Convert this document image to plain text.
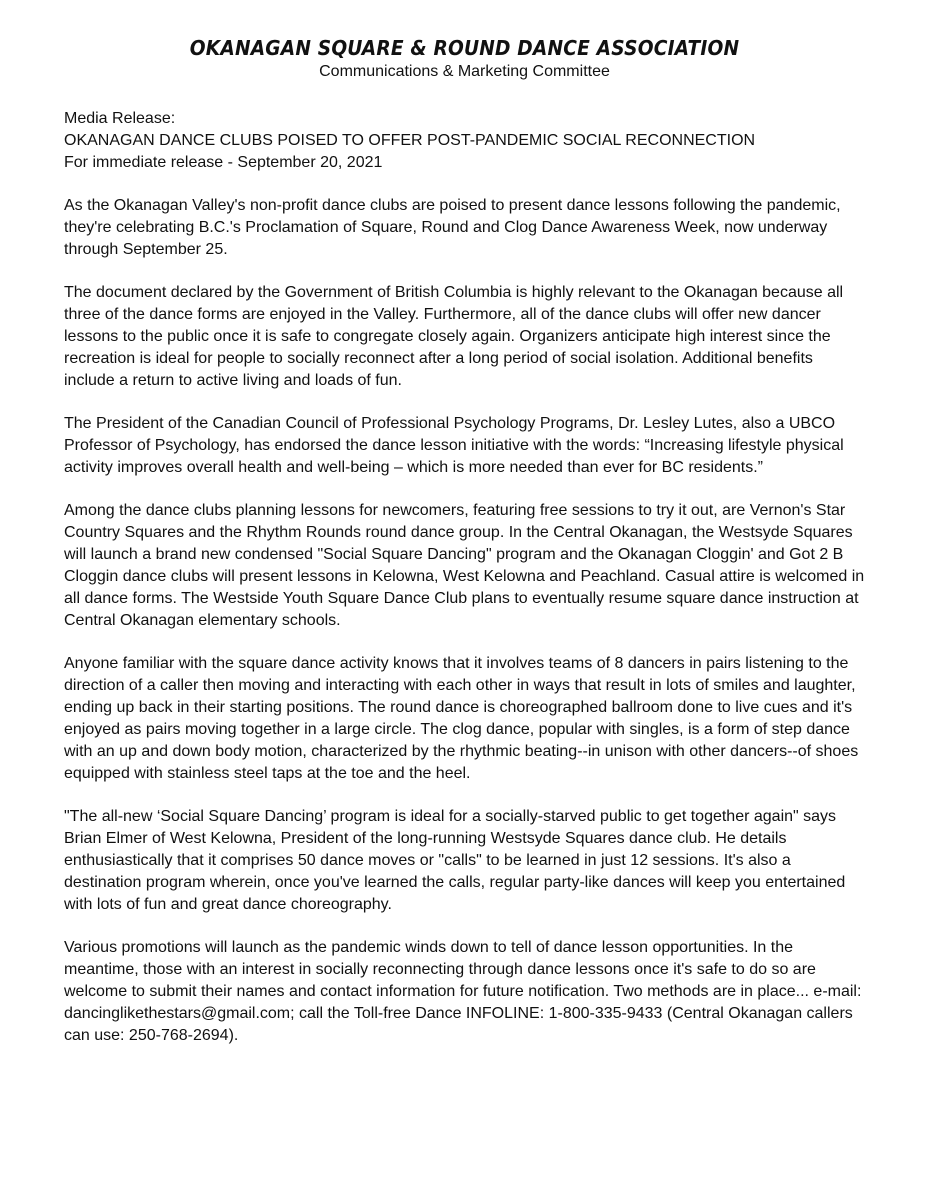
OKANAGAN SQUARE & ROUND DANCE ASSOCIATION
Communications & Marketing Committee
Media Release:
OKANAGAN DANCE CLUBS POISED TO OFFER POST-PANDEMIC SOCIAL RECONNECTION
For immediate release - September 20, 2021

As the Okanagan Valley's non-profit dance clubs are poised to present dance lessons following the pandemic, they're celebrating B.C.'s Proclamation of Square, Round and Clog Dance Awareness Week, now underway through September 25.

The document declared by the Government of British Columbia is highly relevant to the Okanagan because all three of the dance forms are enjoyed in the Valley. Furthermore, all of the dance clubs will offer new dancer lessons to the public once it is safe to congregate closely again. Organizers anticipate high interest since the recreation is ideal for people to socially reconnect after a long period of social isolation. Additional benefits include a return to active living and loads of fun.

The President of the Canadian Council of Professional Psychology Programs, Dr. Lesley Lutes, also a UBCO Professor of Psychology, has endorsed the dance lesson initiative with the words: “Increasing lifestyle physical activity improves overall health and well-being – which is more needed than ever for BC residents.”

Among the dance clubs planning lessons for newcomers, featuring free sessions to try it out, are Vernon's Star Country Squares and the Rhythm Rounds round dance group. In the Central Okanagan, the Westsyde Squares will launch a brand new condensed "Social Square Dancing" program and the Okanagan Cloggin' and Got 2 B Cloggin dance clubs will present lessons in Kelowna, West Kelowna and Peachland. Casual attire is welcomed in all dance forms. The Westside Youth Square Dance Club plans to eventually resume square dance instruction at Central Okanagan elementary schools.

Anyone familiar with the square dance activity knows that it involves teams of 8 dancers in pairs listening to the direction of a caller then moving and interacting with each other in ways that result in lots of smiles and laughter, ending up back in their starting positions. The round dance is choreographed ballroom done to live cues and it's enjoyed as pairs moving together in a large circle. The clog dance, popular with singles, is a form of step dance with an up and down body motion, characterized by the rhythmic beating--in unison with other dancers--of shoes equipped with stainless steel taps at the toe and the heel.

"The all-new ‘Social Square Dancing’ program is ideal for a socially-starved public to get together again" says Brian Elmer of West Kelowna, President of the long-running Westsyde Squares dance club. He details enthusiastically that it comprises 50 dance moves or "calls" to be learned in just 12 sessions. It's also a destination program wherein, once you've learned the calls, regular party-like dances will keep you entertained with lots of fun and great dance choreography.

Various promotions will launch as the pandemic winds down to tell of dance lesson opportunities. In the meantime, those with an interest in socially reconnecting through dance lessons once it's safe to do so are welcome to submit their names and contact information for future notification. Two methods are in place... e-mail: dancinglikethestars@gmail.com; call the Toll-free Dance INFOLINE: 1-800-335-9433 (Central Okanagan callers can use: 250-768-2694).
